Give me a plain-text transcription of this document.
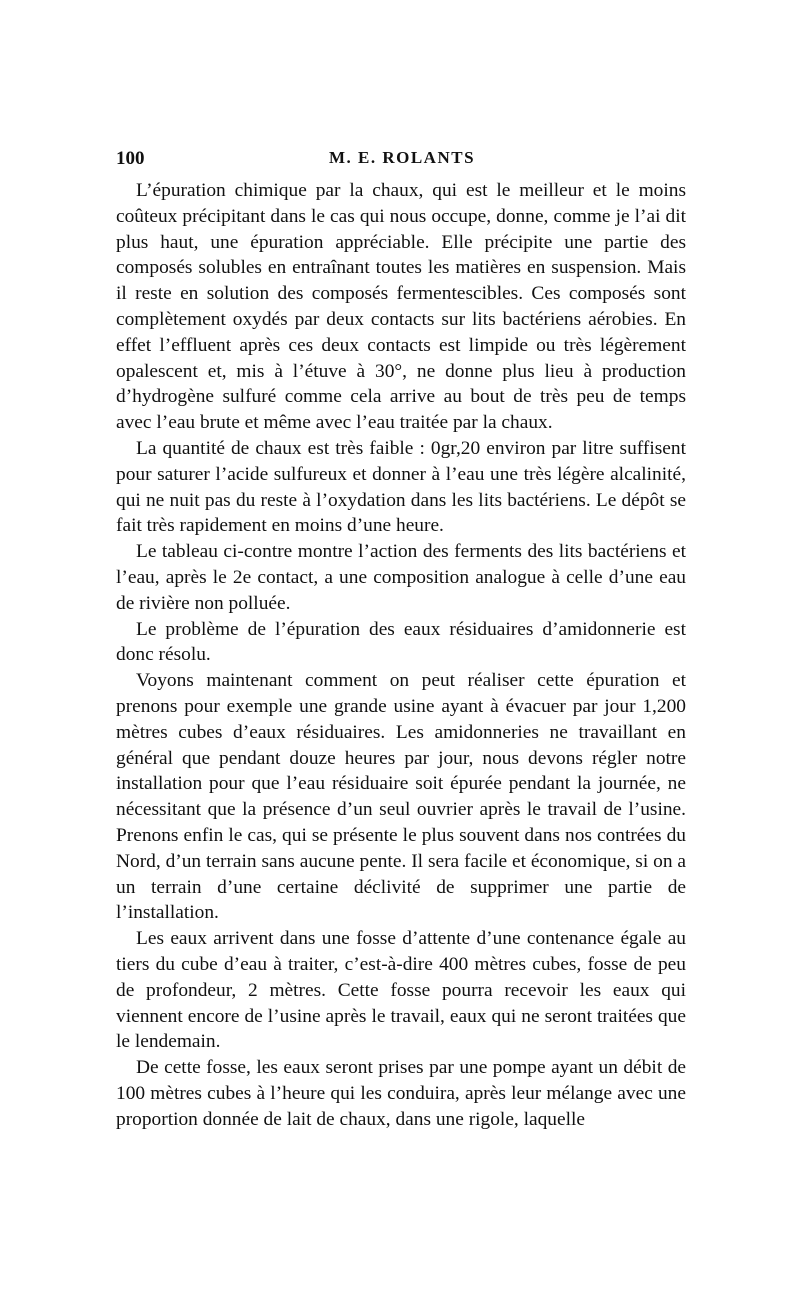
100	M. E. ROLANTS

L’épuration chimique par la chaux, qui est le meilleur et le moins coûteux précipitant dans le cas qui nous occupe, donne, comme je l’ai dit plus haut, une épuration appréciable. Elle précipite une partie des composés solubles en entraînant toutes les matières en suspension. Mais il reste en solution des composés fermentescibles. Ces composés sont complètement oxydés par deux contacts sur lits bactériens aérobies. En effet l’effluent après ces deux contacts est limpide ou très légèrement opalescent et, mis à l’étuve à 30°, ne donne plus lieu à production d’hydrogène sulfuré comme cela arrive au bout de très peu de temps avec l’eau brute et même avec l’eau traitée par la chaux.

La quantité de chaux est très faible : 0gr,20 environ par litre suffisent pour saturer l’acide sulfureux et donner à l’eau une très légère alcalinité, qui ne nuit pas du reste à l’oxydation dans les lits bactériens. Le dépôt se fait très rapidement en moins d’une heure.

Le tableau ci-contre montre l’action des ferments des lits bactériens et l’eau, après le 2e contact, a une composition analogue à celle d’une eau de rivière non polluée.

Le problème de l’épuration des eaux résiduaires d’amidonnerie est donc résolu.

Voyons maintenant comment on peut réaliser cette épuration et prenons pour exemple une grande usine ayant à évacuer par jour 1,200 mètres cubes d’eaux résiduaires. Les amidonneries ne travaillant en général que pendant douze heures par jour, nous devons régler notre installation pour que l’eau résiduaire soit épurée pendant la journée, ne nécessitant que la présence d’un seul ouvrier après le travail de l’usine. Prenons enfin le cas, qui se présente le plus souvent dans nos contrées du Nord, d’un terrain sans aucune pente. Il sera facile et économique, si on a un terrain d’une certaine déclivité de supprimer une partie de l’installation.

Les eaux arrivent dans une fosse d’attente d’une contenance égale au tiers du cube d’eau à traiter, c’est-à-dire 400 mètres cubes, fosse de peu de profondeur, 2 mètres. Cette fosse pourra recevoir les eaux qui viennent encore de l’usine après le travail, eaux qui ne seront traitées que le lendemain.

De cette fosse, les eaux seront prises par une pompe ayant un débit de 100 mètres cubes à l’heure qui les conduira, après leur mélange avec une proportion donnée de lait de chaux, dans une rigole, laquelle
